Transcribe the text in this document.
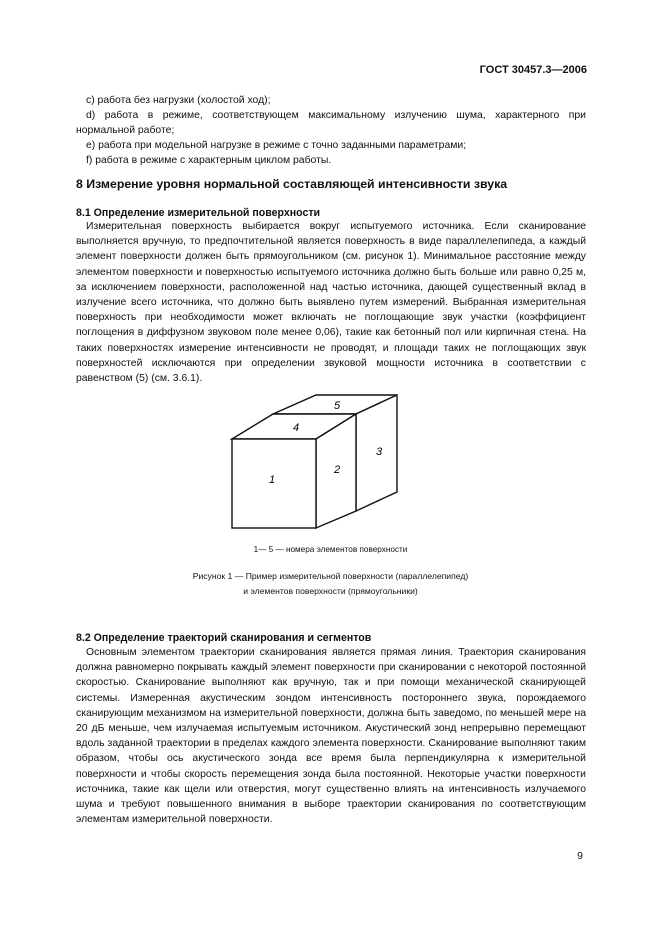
ГОСТ 30457.3—2006

c) работа без нагрузки (холостой ход);

d) работа в режиме, соответствующем максимальному излучению шума, характерного при нормальной работе;

e) работа при модельной нагрузке в режиме с точно заданными параметрами;

f) работа в режиме с характерным циклом работы.

8 Измерение уровня нормальной составляющей интенсивности звука
8.1 Определение измерительной поверхности

Измерительная поверхность выбирается вокруг испытуемого источника. Если сканирование выполняется вручную, то предпочтительной является поверхность в виде параллелепипеда, а каждый элемент поверхности должен быть прямоугольником (см. рисунок 1). Минимальное расстояние между элементом поверхности и поверхностью испытуемого источника должно быть больше или равно 0,25 м, за исключением поверхности, расположенной над частью источника, дающей существенный вклад в излучение всего источника, что должно быть выявлено путем измерений. Выбранная измерительная поверхность при необходимости может включать не поглощающие звук участки (коэффициент поглощения в диффузном звуковом поле менее 0,06), такие как бетонный пол или кирпичная стена. На таких поверхностях измерение интенсивности не проводят, и площади таких не поглощающих звук поверхностей исключаются при определении звуковой мощности источника в соответствии с равенством (5) (см. 3.6.1).

5
4
3
2
1
1— 5 — номера элементов поверхности
Рисунок 1 — Пример измерительной поверхности (параллелепипед)
и элементов поверхности (прямоугольники)
8.2 Определение траекторий сканирования и сегментов

Основным элементом траектории сканирования является прямая линия. Траектория сканирования должна равномерно покрывать каждый элемент поверхности при сканировании с некоторой постоянной скоростью. Сканирование выполняют как вручную, так и при помощи механической сканирующей системы. Измеренная акустическим зондом интенсивность постороннего звука, порождаемого сканирующим механизмом на измерительной поверхности, должна быть заведомо, по меньшей мере на 20 дБ меньше, чем излучаемая испытуемым источником. Акустический зонд непрерывно перемещают вдоль заданной траектории в пределах каждого элемента поверхности. Сканирование выполняют таким образом, чтобы ось акустического зонда все время была перпендикулярна к измерительной поверхности и чтобы скорость перемещения зонда была постоянной. Некоторые участки поверхности источника, такие как щели или отверстия, могут существенно влиять на интенсивность излучаемого шума и требуют повышенного внимания в выборе траектории сканирования по соответствующим элементам измерительной поверхности.

9
